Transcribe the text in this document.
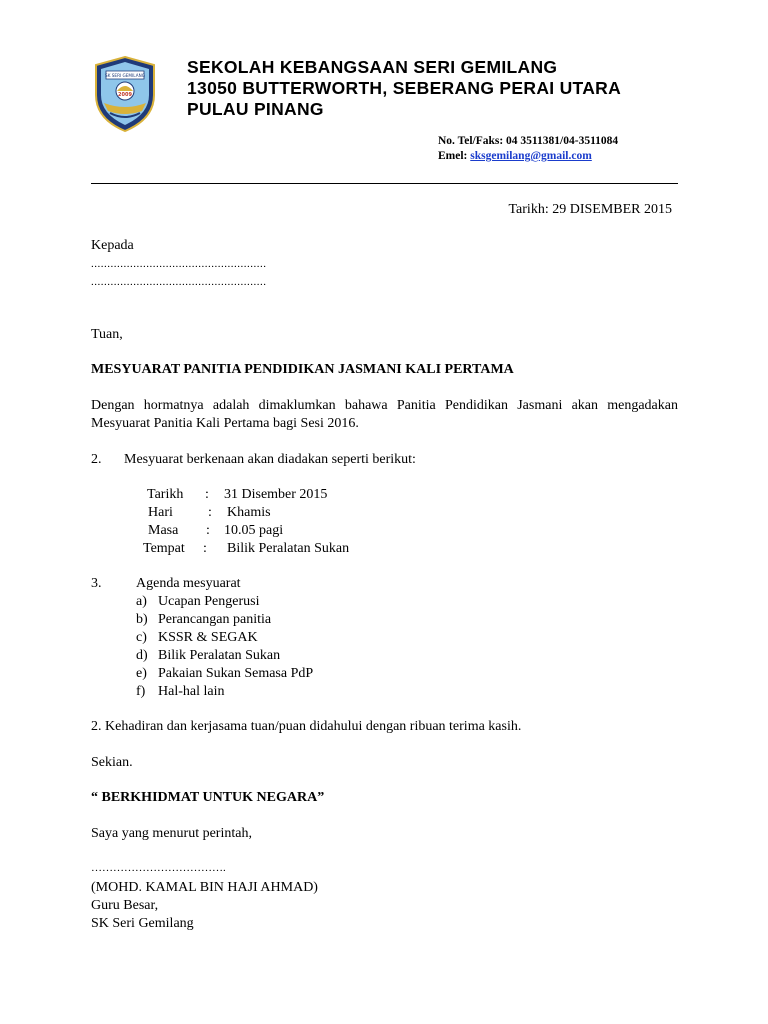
SK SERI GEMILANG
2009
SEKOLAH KEBANGSAAN SERI GEMILANG
13050 BUTTERWORTH, SEBERANG PERAI UTARA
PULAU PINANG
No. Tel/Faks: 04 3511381/04-3511084
Emel: sksgemilang@gmail.com
Tarikh: 29 DISEMBER 2015
Kepada
......................................................
......................................................
Tuan,
MESYUARAT PANITIA PENDIDIKAN JASMANI KALI PERTAMA
Dengan hormatnya adalah dimaklumkan bahawa Panitia Pendidikan Jasmani akan mengadakan
Mesyuarat Panitia Kali Pertama bagi Sesi 2016.
2. Mesyuarat berkenaan akan diadakan seperti berikut:
Tarikh : 31 Disember 2015
Hari	: Khamis
Masa : 10.05 pagi
Tempat : Bilik Peralatan Sukan
3. Agenda mesyuarat
a) Ucapan Pengerusi
b) Perancangan panitia
c) KSSR & SEGAK
d) Bilik Peralatan Sukan
e) Pakaian Sukan Semasa PdP
f) Hal-hal lain
2. Kehadiran dan kerjasama tuan/puan didahului dengan ribuan terima kasih.
Sekian.
“ BERKHIDMAT UNTUK NEGARA”
Saya yang menurut perintah,
……………………………….
(MOHD. KAMAL BIN HAJI AHMAD)
Guru Besar,
SK Seri Gemilang
